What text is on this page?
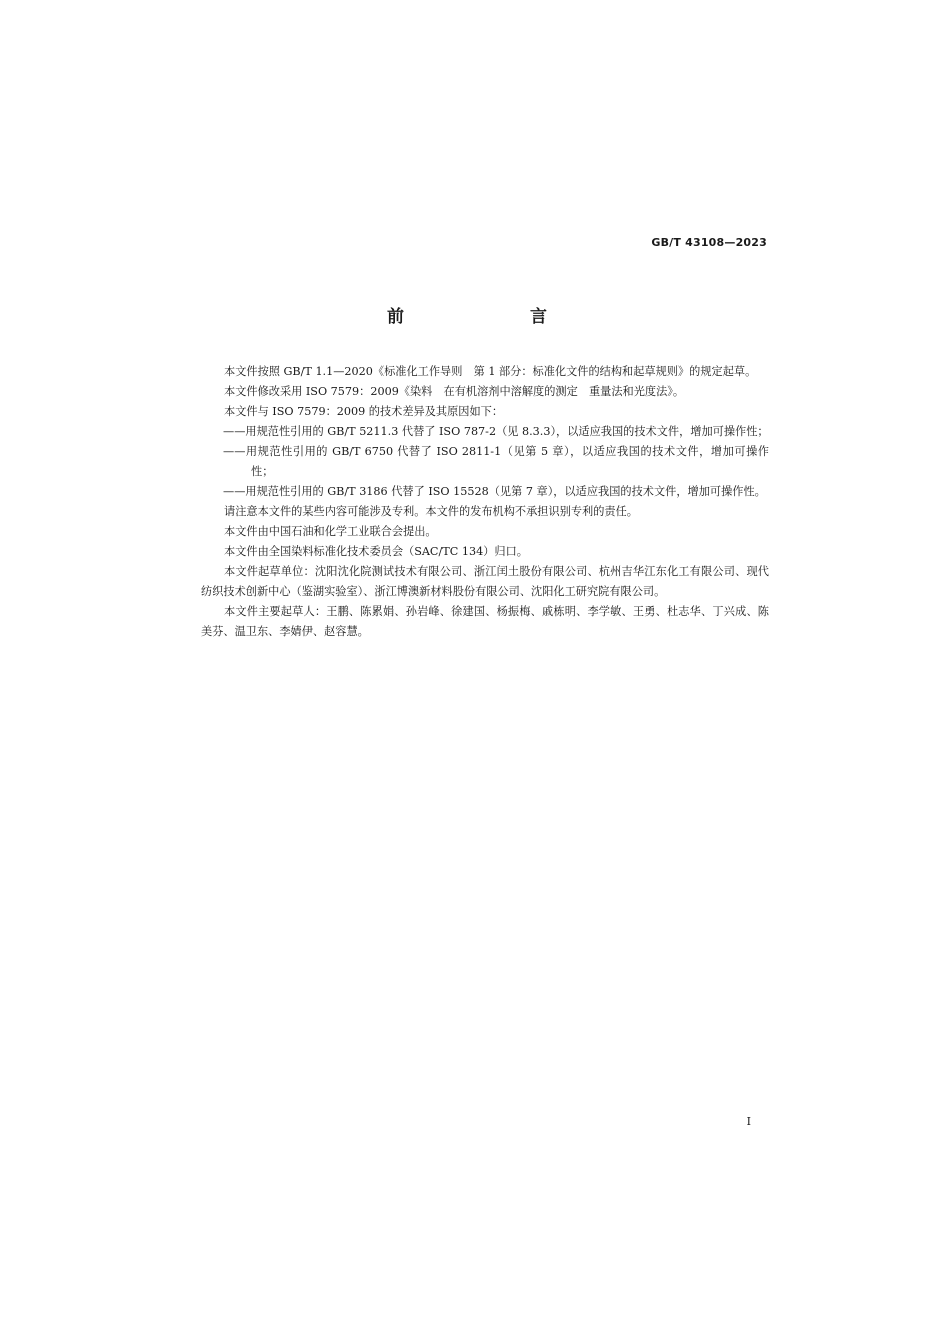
GB/T 43108—2023
前 言

本文件按照 GB/T 1.1—2020《标准化工作导则　第 1 部分：标准化文件的结构和起草规则》的规定起草。

本文件修改采用 ISO 7579：2009《染料　在有机溶剂中溶解度的测定　重量法和光度法》。

本文件与 ISO 7579：2009 的技术差异及其原因如下：

——用规范性引用的 GB/T 5211.3 代替了 ISO 787-2（见 8.3.3），以适应我国的技术文件，增加可操作性；

——用规范性引用的 GB/T 6750 代替了 ISO 2811-1（见第 5 章），以适应我国的技术文件，增加可操作性；

——用规范性引用的 GB/T 3186 代替了 ISO 15528（见第 7 章），以适应我国的技术文件，增加可操作性。

请注意本文件的某些内容可能涉及专利。本文件的发布机构不承担识别专利的责任。

本文件由中国石油和化学工业联合会提出。

本文件由全国染料标准化技术委员会（SAC/TC 134）归口。

本文件起草单位：沈阳沈化院测试技术有限公司、浙江闰土股份有限公司、杭州吉华江东化工有限公司、现代纺织技术创新中心（鉴湖实验室）、浙江博澳新材料股份有限公司、沈阳化工研究院有限公司。

本文件主要起草人：王鹏、陈累娟、孙岩峰、徐建国、杨振梅、戚栋明、李学敏、王勇、杜志华、丁兴成、陈美芬、温卫东、李婧伊、赵容慧。

I
